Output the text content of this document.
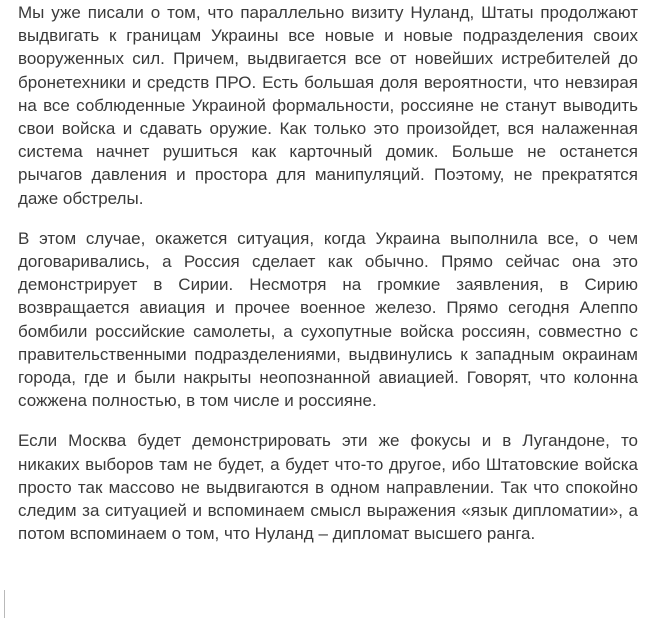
Мы уже писали о том, что параллельно визиту Нуланд, Штаты продолжают выдвигать к границам Украины все новые и новые подразделения своих вооруженных сил. Причем, выдвигается все от новейших истребителей до бронетехники и средств ПРО. Есть большая доля вероятности, что невзирая на все соблюденные Украиной формальности, россияне не станут выводить свои войска и сдавать оружие. Как только это произойдет, вся налаженная система начнет рушиться как карточный домик. Больше не останется рычагов давления и простора для манипуляций. Поэтому, не прекратятся даже обстрелы.

В этом случае, окажется ситуация, когда Украина выполнила все, о чем договаривались, а Россия сделает как обычно. Прямо сейчас она это демонстрирует в Сирии. Несмотря на громкие заявления, в Сирию возвращается авиация и прочее военное железо. Прямо сегодня Алеппо бомбили российские самолеты, а сухопутные войска россиян, совместно с правительственными подразделениями, выдвинулись к западным окраинам города, где и были накрыты неопознанной авиацией. Говорят, что колонна сожжена полностью, в том числе и россияне.

Если Москва будет демонстрировать эти же фокусы и в Лугандоне, то никаких выборов там не будет, а будет что-то другое, ибо Штатовские войска просто так массово не выдвигаются в одном направлении. Так что спокойно следим за ситуацией и вспоминаем смысл выражения «язык дипломатии», а потом вспоминаем о том, что Нуланд – дипломат высшего ранга.
